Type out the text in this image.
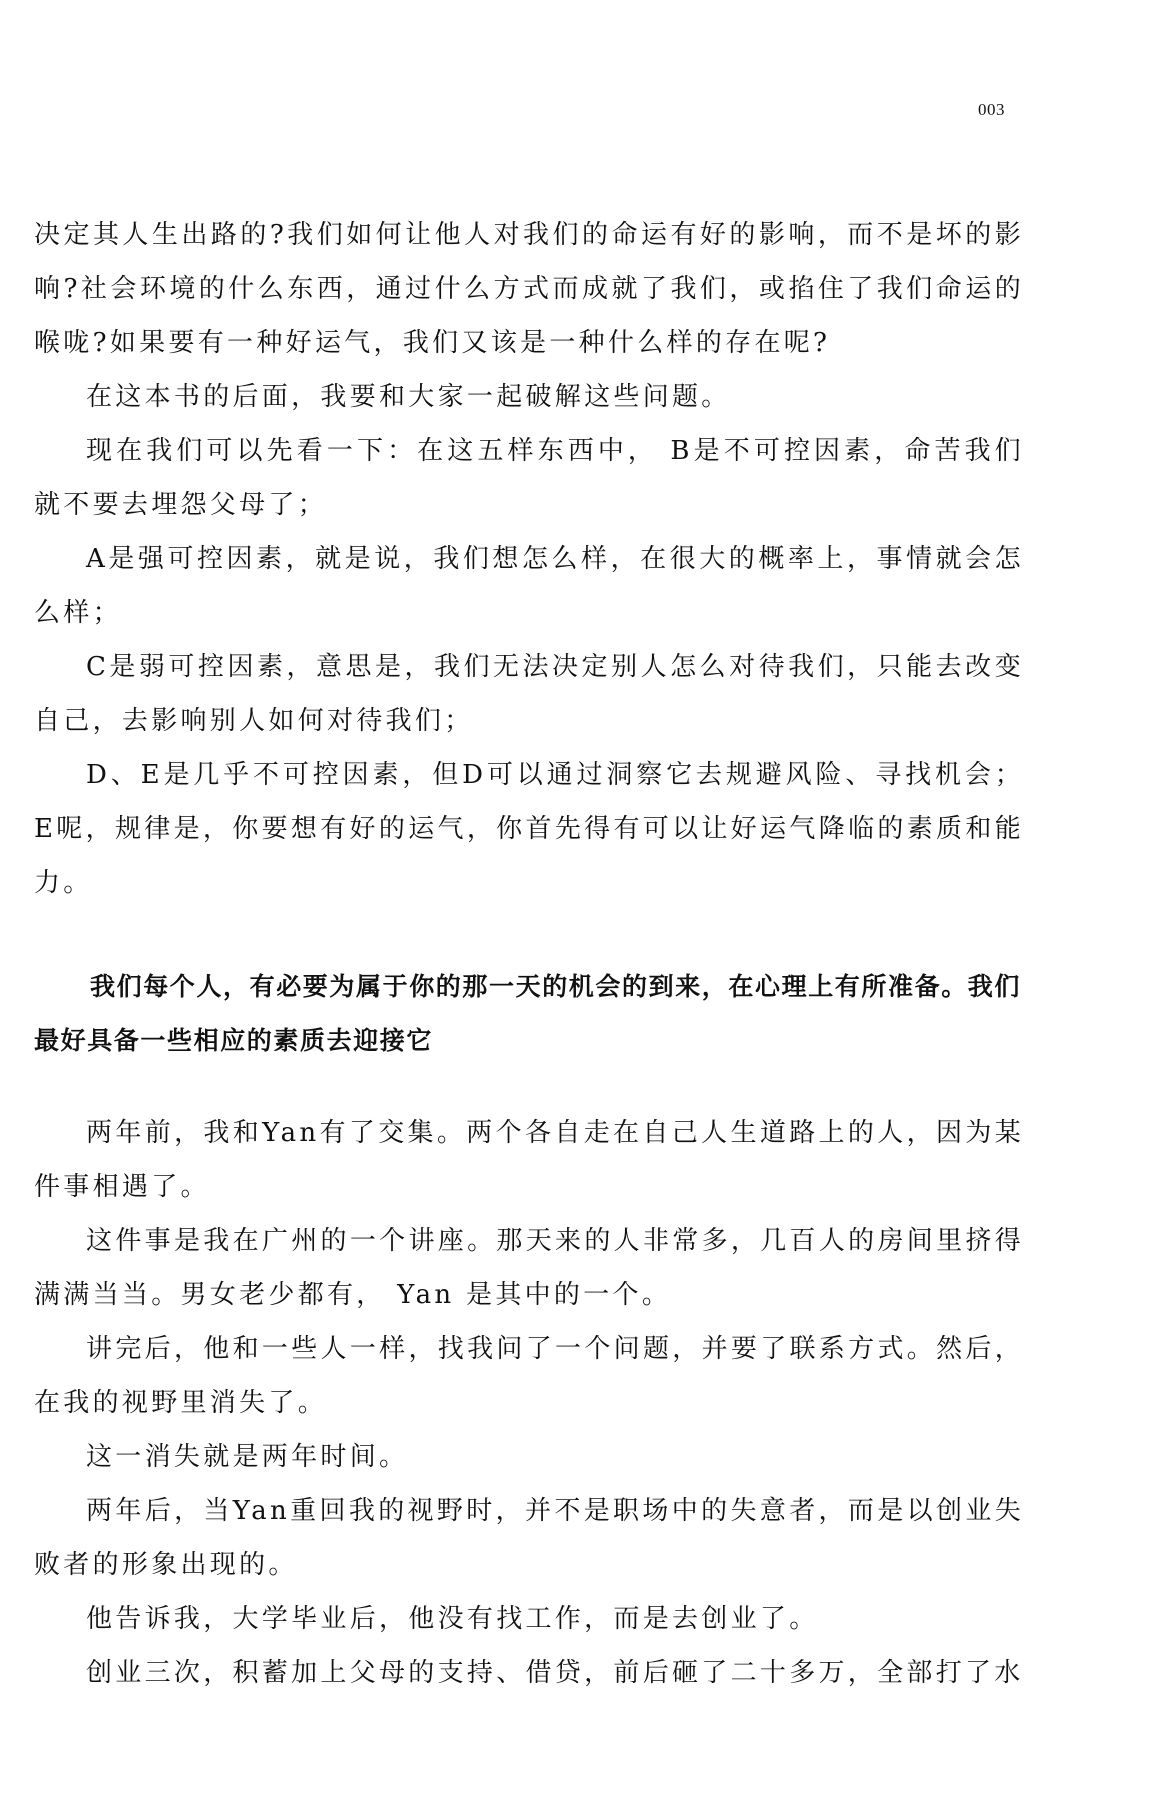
003

决定其人生出路的?我们如何让他人对我们的命运有好的影响，而不是坏的影响?社会环境的什么东西，通过什么方式而成就了我们，或掐住了我们命运的喉咙?如果要有一种好运气，我们又该是一种什么样的存在呢?

在这本书的后面，我要和大家一起破解这些问题。

现在我们可以先看一下：在这五样东西中， B是不可控因素，命苦我们就不要去埋怨父母了；

A是强可控因素，就是说，我们想怎么样，在很大的概率上，事情就会怎么样；

C是弱可控因素，意思是，我们无法决定别人怎么对待我们，只能去改变自己，去影响别人如何对待我们；

D、E是几乎不可控因素，但D可以通过洞察它去规避风险、寻找机会； E呢，规律是，你要想有好的运气，你首先得有可以让好运气降临的素质和能力。

我们每个人，有必要为属于你的那一天的机会的到来，在心理上有所准备。我们最好具备一些相应的素质去迎接它

两年前，我和Yan有了交集。两个各自走在自己人生道路上的人，因为某件事相遇了。

这件事是我在广州的一个讲座。那天来的人非常多，几百人的房间里挤得满满当当。男女老少都有， Yan 是其中的一个。

讲完后，他和一些人一样，找我问了一个问题，并要了联系方式。然后，在我的视野里消失了。

这一消失就是两年时间。

两年后，当Yan重回我的视野时，并不是职场中的失意者，而是以创业失败者的形象出现的。

他告诉我，大学毕业后，他没有找工作，而是去创业了。

创业三次，积蓄加上父母的支持、借贷，前后砸了二十多万，全部打了水
